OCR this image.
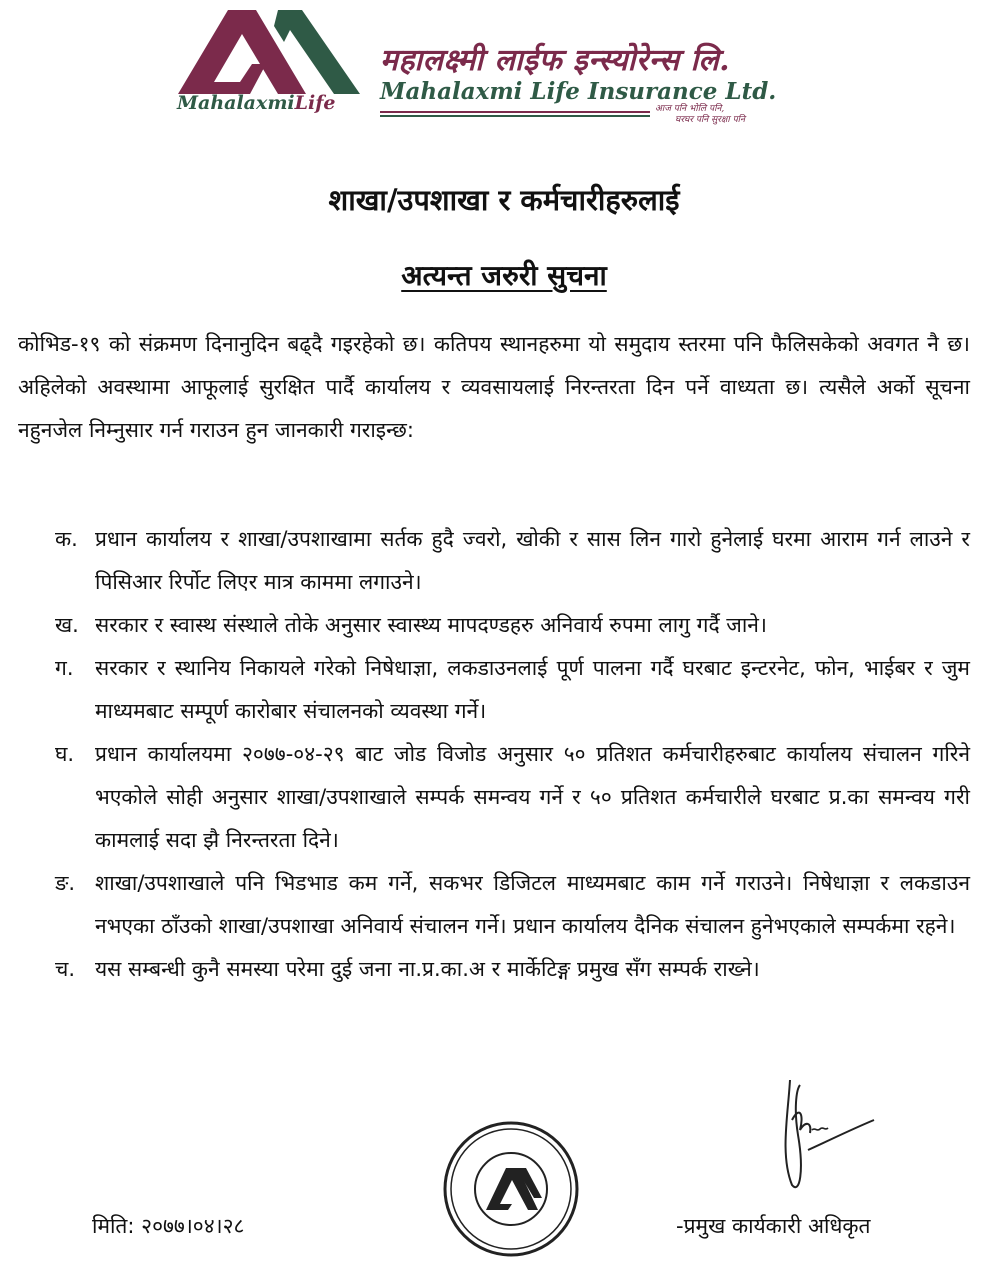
MahalaxmiLife
महालक्ष्मी लाईफ इन्स्योरेन्स लि.
Mahalaxmi Life Insurance Ltd.
आज पनि भोलि पनि,
घरघर पनि सुरक्षा पनि
शाखा/उपशाखा र कर्मचारीहरुलाई
अत्यन्त जरुरी सुचना
कोभिड-१९ को संक्रमण दिनानुदिन बढ्दै गइरहेको छ। कतिपय स्थानहरुमा यो समुदाय स्तरमा पनि फैलिसकेको अवगत नै छ। अहिलेको अवस्थामा आफूलाई सुरक्षित पार्दै कार्यालय र व्यवसायलाई निरन्तरता दिन पर्ने वाध्यता छ। त्यसैले अर्को सूचना नहुनजेल निम्नुसार गर्न गराउन हुन जानकारी गराइन्छ:
क. प्रधान कार्यालय र शाखा/उपशाखामा सर्तक हुदै ज्वरो, खोकी र सास लिन गारो हुनेलाई घरमा आराम गर्न लाउने र पिसिआर रिर्पोट लिएर मात्र काममा लगाउने।
ख. सरकार र स्वास्थ संस्थाले तोके अनुसार स्वास्थ्य मापदण्डहरु अनिवार्य रुपमा लागु गर्दै जाने।
ग.	सरकार र स्थानिय निकायले गरेको निषेधाज्ञा, लकडाउनलाई पूर्ण पालना गर्दै घरबाट इन्टरनेट, फोन, भाईबर र जुम माध्यमबाट सम्पूर्ण कारोबार संचालनको व्यवस्था गर्ने।
घ. प्रधान कार्यालयमा २०७७-०४-२९ बाट जोड विजोड अनुसार ५० प्रतिशत कर्मचारीहरुबाट कार्यालय संचालन गरिने भएकोले सोही अनुसार शाखा/उपशाखाले सम्पर्क समन्वय गर्ने र ५० प्रतिशत कर्मचारीले घरबाट प्र.का समन्वय गरी कामलाई सदा झै निरन्तरता दिने।
ङ. शाखा/उपशाखाले पनि भिडभाड कम गर्ने, सकभर डिजिटल माध्यमबाट काम गर्ने गराउने। निषेधाज्ञा र लकडाउन नभएका ठाँउको शाखा/उपशाखा अनिवार्य संचालन गर्ने। प्रधान कार्यालय दैनिक संचालन हुनेभएकाले सम्पर्कमा रहने।
च. यस सम्बन्धी कुनै समस्या परेमा दुई जना ना.प्र.का.अ र मार्केटिङ्ग प्रमुख सँग सम्पर्क राख्ने।
मिति: २०७७।०४।२८	-प्रमुख कार्यकारी अधिकृत
